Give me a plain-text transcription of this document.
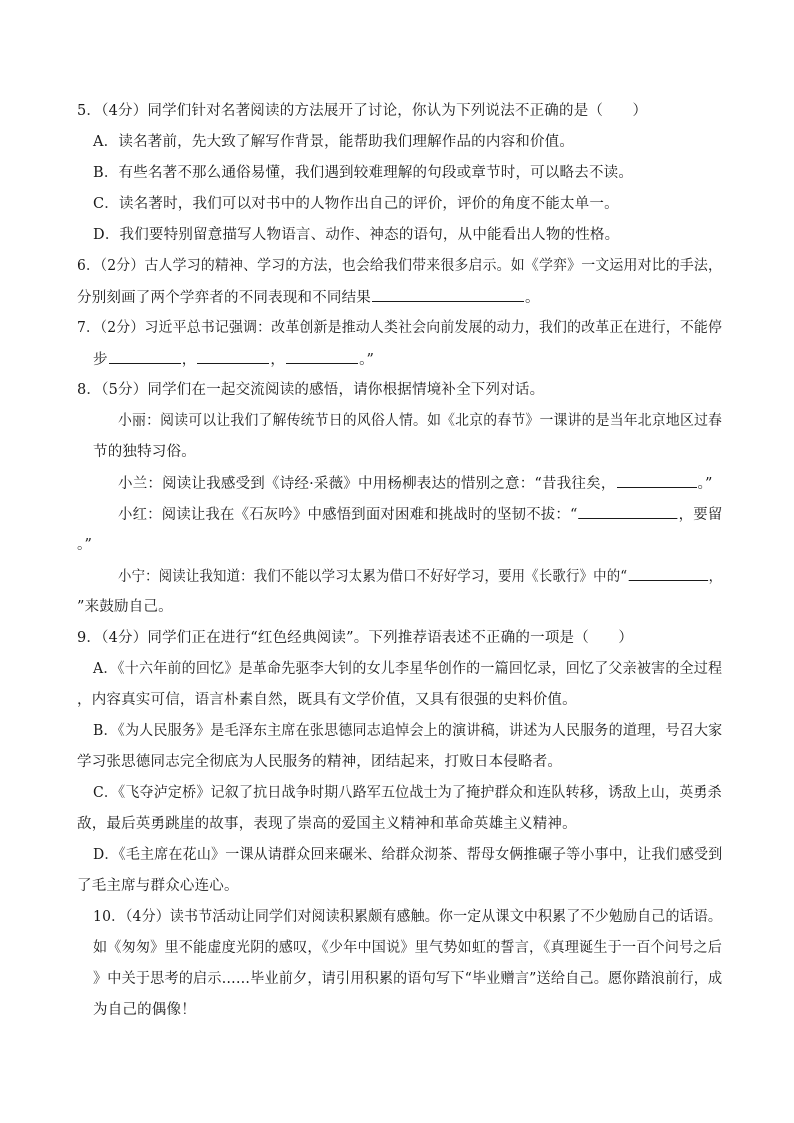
5．（4分）同学们针对名著阅读的方法展开了讨论，你认为下列说法不正确的是（　　）
A．读名著前，先大致了解写作背景，能帮助我们理解作品的内容和价值。
B．有些名著不那么通俗易懂，我们遇到较难理解的句段或章节时，可以略去不读。
C．读名著时，我们可以对书中的人物作出自己的评价，评价的角度不能太单一。
D．我们要特别留意描写人物语言、动作、神态的语句，从中能看出人物的性格。
6．（2分）古人学习的精神、学习的方法，也会给我们带来很多启示。如《学弈》一文运用对比的手法，
分别刻画了两个学弈者的不同表现和不同结果	。
7．（2分）习近平总书记强调：改革创新是推动人类社会向前发展的动力，我们的改革正在进行，不能停
步	，	，	。”
8．（5分）同学们在一起交流阅读的感悟，请你根据情境补全下列对话。
小丽：阅读可以让我们了解传统节日的风俗人情。如《北京的春节》一课讲的是当年北京地区过春
节的独特习俗。
小兰：阅读让我感受到《诗经·采薇》中用杨柳表达的惜别之意：“昔我往矣，	。”
小红：阅读让我在《石灰吟》中感悟到面对困难和挑战时的坚韧不拔：“	，要留
。”
小宁：阅读让我知道：我们不能以学习太累为借口不好好学习，要用《长歌行》中的“	，
”来鼓励自己。
9．（4分）同学们正在进行“红色经典阅读”。下列推荐语表述不正确的一项是（　　）
A．《十六年前的回忆》是革命先驱李大钊的女儿李星华创作的一篇回忆录，回忆了父亲被害的全过程
，内容真实可信，语言朴素自然，既具有文学价值，又具有很强的史料价值。
B．《为人民服务》是毛泽东主席在张思德同志追悼会上的演讲稿，讲述为人民服务的道理，号召大家
学习张思德同志完全彻底为人民服务的精神，团结起来，打败日本侵略者。
C．《飞夺泸定桥》记叙了抗日战争时期八路军五位战士为了掩护群众和连队转移，诱敌上山，英勇杀
敌，最后英勇跳崖的故事，表现了崇高的爱国主义精神和革命英雄主义精神。
D．《毛主席在花山》一课从请群众回来碾米、给群众沏茶、帮母女俩推碾子等小事中，让我们感受到
了毛主席与群众心连心。
10．（4分）读书节活动让同学们对阅读积累颇有感触。你一定从课文中积累了不少勉励自己的话语。
如《匆匆》里不能虚度光阴的感叹，《少年中国说》里气势如虹的誓言，《真理诞生于一百个问号之后
》中关于思考的启示……毕业前夕，请引用积累的语句写下“毕业赠言”送给自己。愿你踏浪前行，成
为自己的偶像！
